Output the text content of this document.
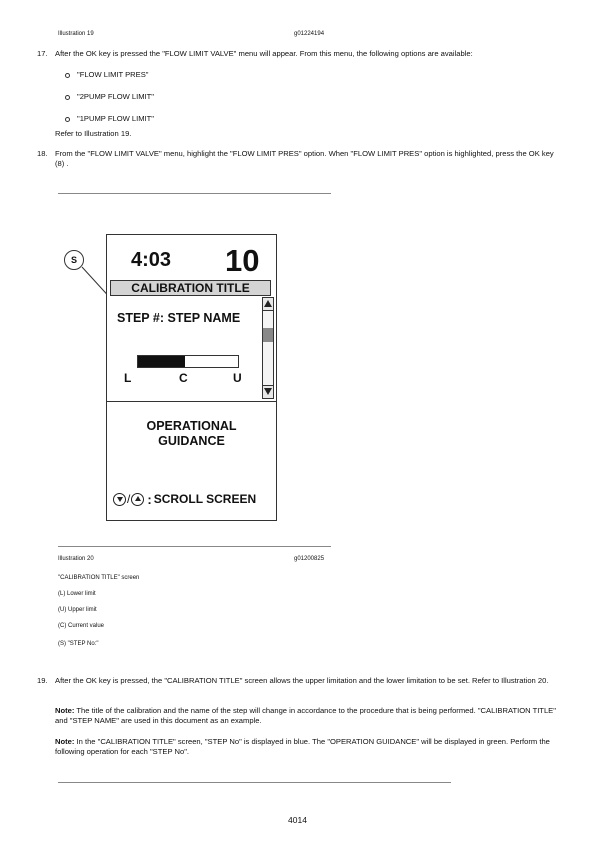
Illustration 19	g01224194
17. After the OK key is pressed the "FLOW LIMIT VALVE" menu will appear. From this menu, the following options are available:
"FLOW LIMIT PRES"
"2PUMP FLOW LIMIT"
"1PUMP FLOW LIMIT"
Refer to Illustration 19.
18. From the "FLOW LIMIT VALVE" menu, highlight the "FLOW LIMIT PRES" option. When "FLOW LIMIT PRES" option is highlighted, press the OK key (8) .
S	4:03 10
CALIBRATION TITLE
STEP #: STEP NAME
L	C	U
OPERATIONAL
GUIDANCE
/ : SCROLL SCREEN
Illustration 20	g01200825
"CALIBRATION TITLE" screen
(L) Lower limit
(U) Upper limit
(C) Current value
(S) "STEP No:"
19. After the OK key is pressed, the "CALIBRATION TITLE" screen allows the upper limitation and the lower limitation to be set. Refer to Illustration 20.
Note: The title of the calibration and the name of the step will change in accordance to the procedure that is being performed. "CALIBRATION TITLE" and "STEP NAME" are used in this document as an example.
Note: In the "CALIBRATION TITLE" screen, "STEP No" is displayed in blue. The "OPERATION GUIDANCE" will be displayed in green. Perform the following operation for each "STEP No".
4014
